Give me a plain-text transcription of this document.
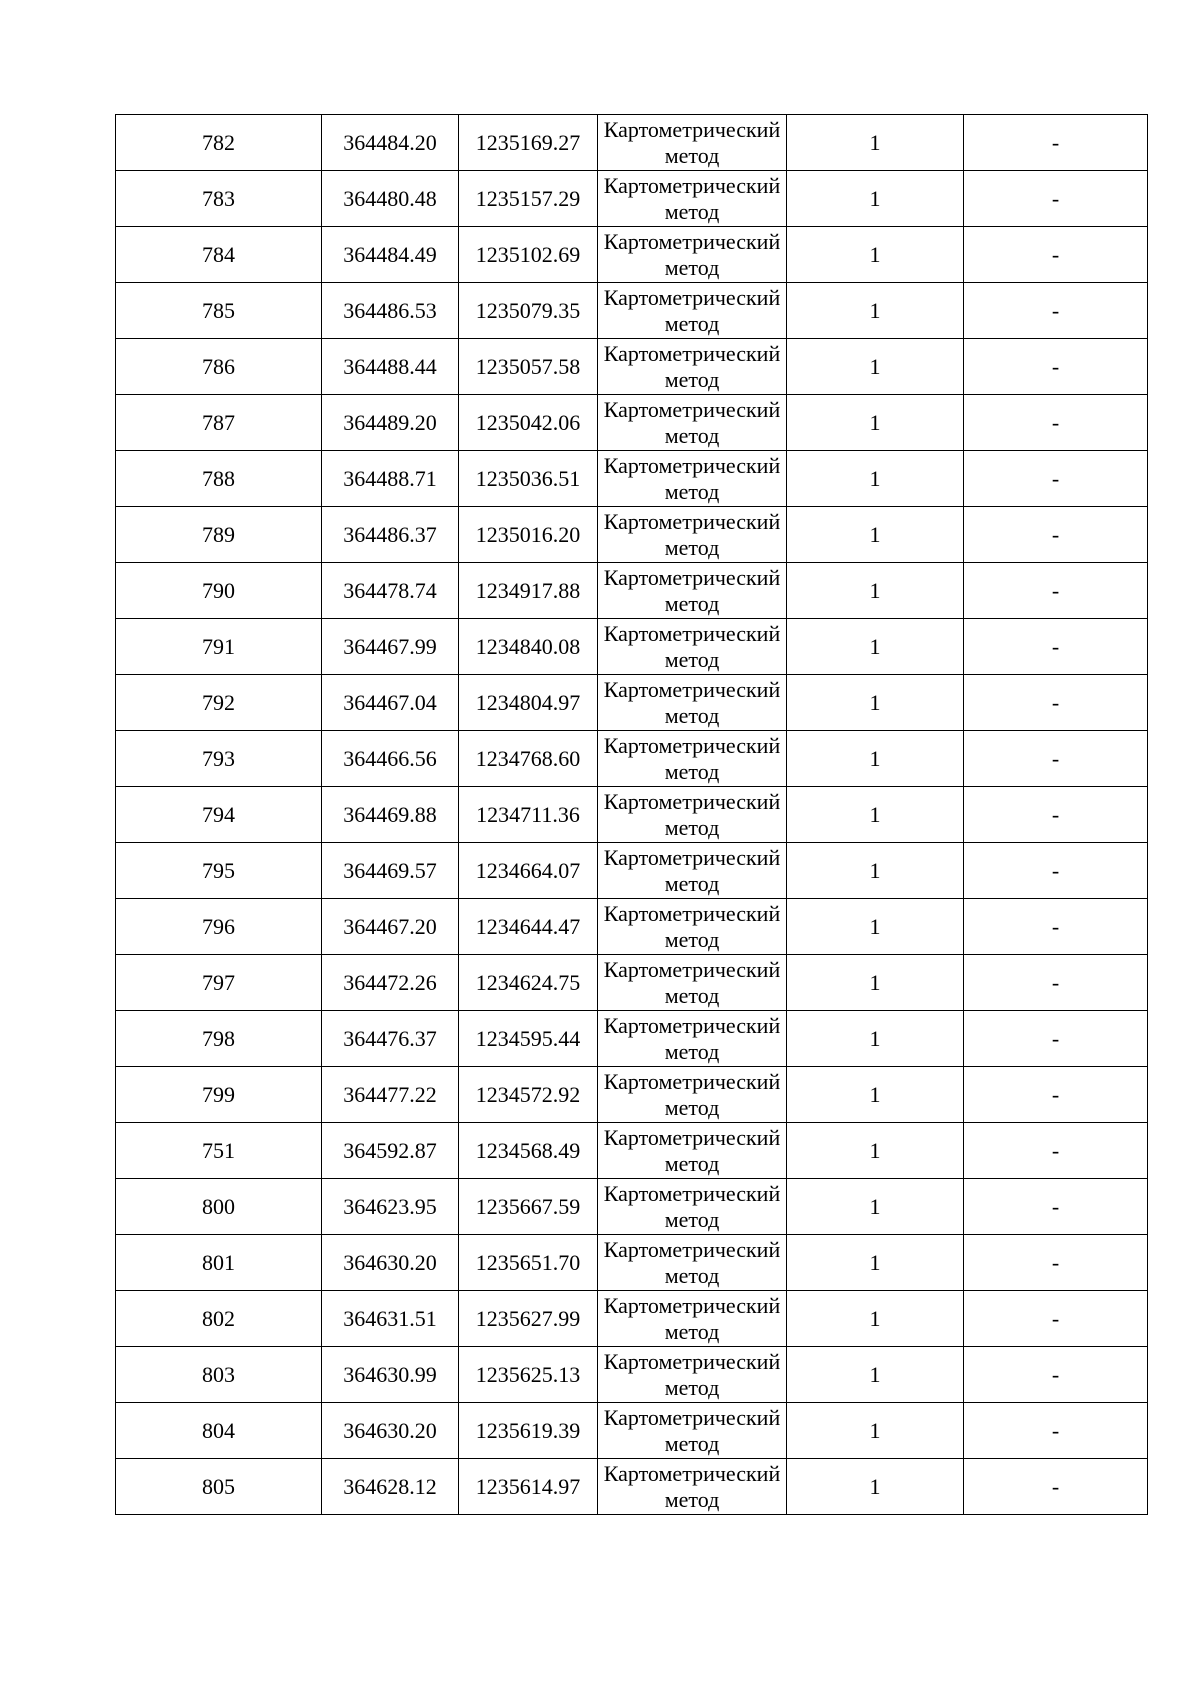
782	364484.20	1235169.27	Картометрический метод	1	-
783	364480.48	1235157.29	Картометрический метод	1	-
784	364484.49	1235102.69	Картометрический метод	1	-
785	364486.53	1235079.35	Картометрический метод	1	-
786	364488.44	1235057.58	Картометрический метод	1	-
787	364489.20	1235042.06	Картометрический метод	1	-
788	364488.71	1235036.51	Картометрический метод	1	-
789	364486.37	1235016.20	Картометрический метод	1	-
790	364478.74	1234917.88	Картометрический метод	1	-
791	364467.99	1234840.08	Картометрический метод	1	-
792	364467.04	1234804.97	Картометрический метод	1	-
793	364466.56	1234768.60	Картометрический метод	1	-
794	364469.88	1234711.36	Картометрический метод	1	-
795	364469.57	1234664.07	Картометрический метод	1	-
796	364467.20	1234644.47	Картометрический метод	1	-
797	364472.26	1234624.75	Картометрический метод	1	-
798	364476.37	1234595.44	Картометрический метод	1	-
799	364477.22	1234572.92	Картометрический метод	1	-
751	364592.87	1234568.49	Картометрический метод	1	-
800	364623.95	1235667.59	Картометрический метод	1	-
801	364630.20	1235651.70	Картометрический метод	1	-
802	364631.51	1235627.99	Картометрический метод	1	-
803	364630.99	1235625.13	Картометрический метод	1	-
804	364630.20	1235619.39	Картометрический метод	1	-
805	364628.12	1235614.97	Картометрический метод	1	-
